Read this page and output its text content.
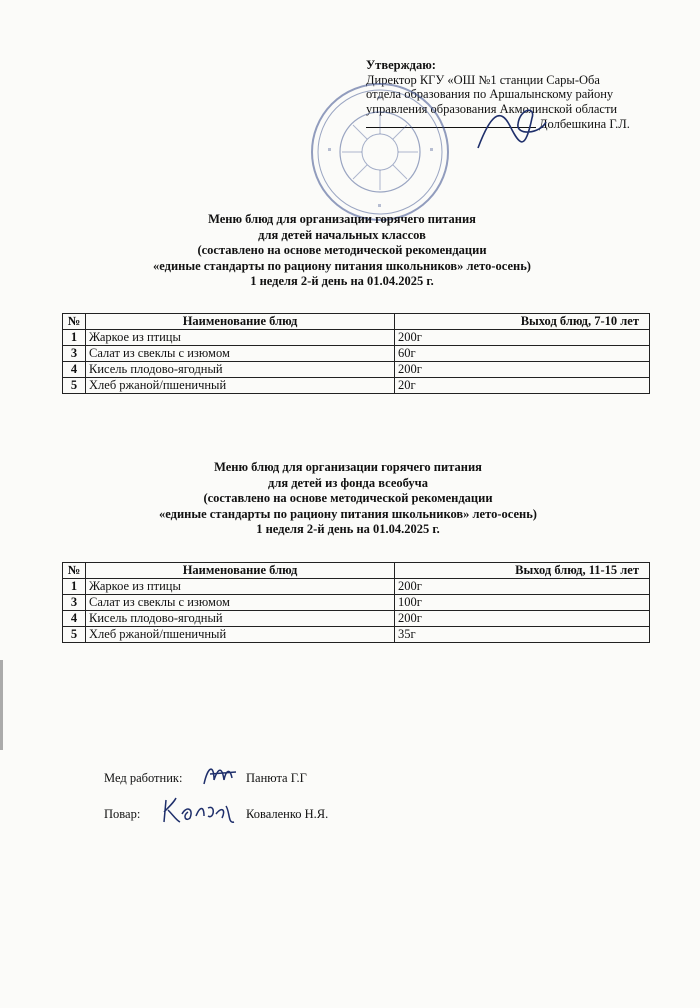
Утверждаю:
Директор КГУ «ОШ №1 станции Сары-Оба
отдела образования по Аршалынскому району
управления образования Акмолинской области
Долбешкина Г.Л.
Меню блюд для организации горячего питания
для детей начальных классов
(составлено на основе методической рекомендации
«единые стандарты по рациону питания школьников» лето-осень)
1 неделя 2-й день на 01.04.2025 г.
№	Наименование блюд	Выход блюд, 7-10 лет
1	Жаркое из птицы	200г
3	Салат из свеклы с изюмом	60г
4	Кисель плодово-ягодный	200г
5	Хлеб ржаной/пшеничный	20г
Меню блюд для организации горячего питания
для детей из фонда всеобуча
(составлено на основе методической рекомендации
«единые стандарты по рациону питания школьников» лето-осень)
1 неделя 2-й день на 01.04.2025 г.
№	Наименование блюд	Выход блюд, 11-15 лет
1	Жаркое из птицы	200г
3	Салат из свеклы с изюмом	100г
4	Кисель плодово-ягодный	200г
5	Хлеб ржаной/пшеничный	35г
Мед работник:	Панюта Г.Г
Повар:	Коваленко Н.Я.
